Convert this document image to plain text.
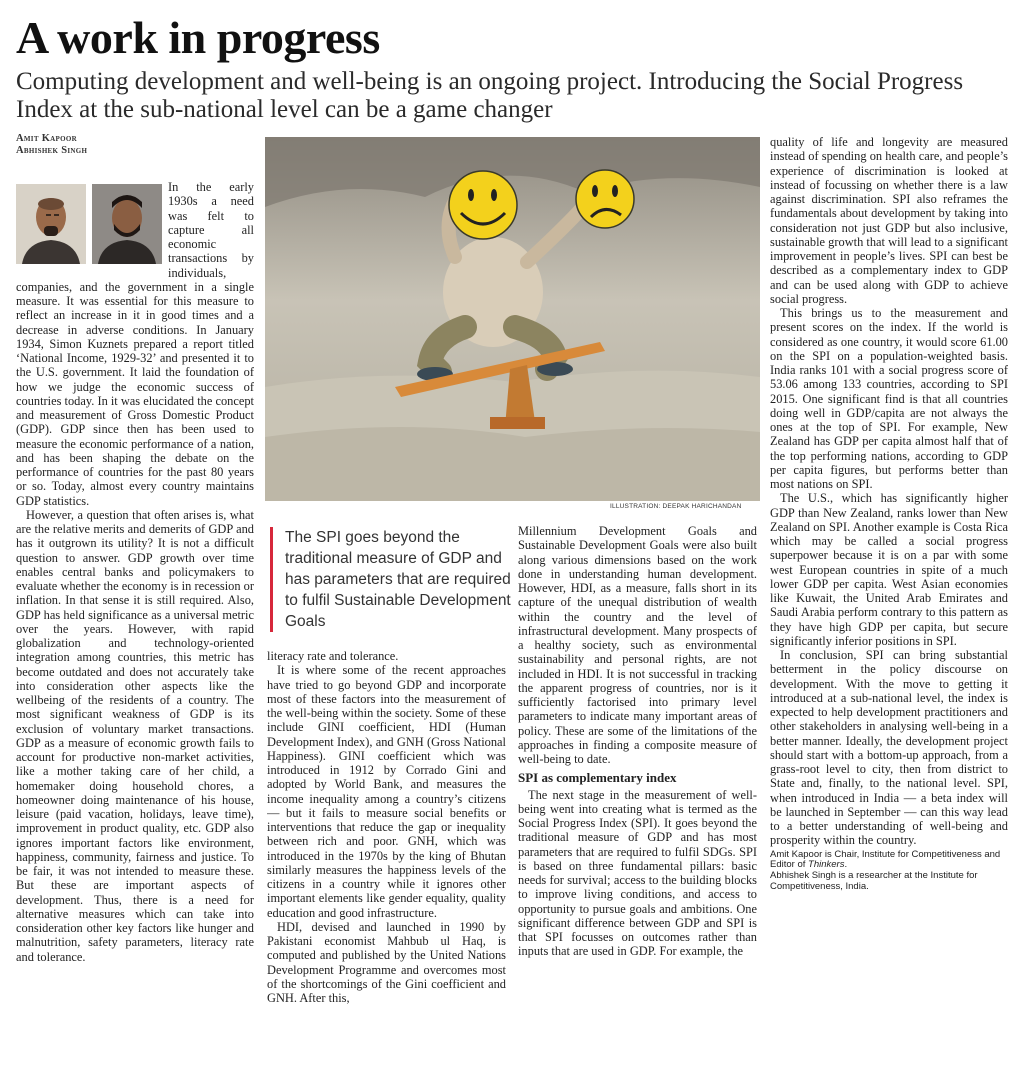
A work in progress

Computing development and well-being is an ongoing project. Introducing the Social Progress Index at the sub-national level can be a game changer

Amit Kapoor
Abhishek Singh

In the early 1930s a need was felt to capture all economic transactions by individuals, companies, and the government in a single measure. It was essential for this measure to reflect an increase in it in good times and a decrease in adverse conditions. In January 1934, Simon Kuznets prepared a report titled ‘National Income, 1929-32’ and presented it to the U.S. government. It laid the foundation of how we judge the economic success of countries today. In it was elucidated the concept and measurement of Gross Domestic Product (GDP). GDP since then has been used to measure the economic performance of a nation, and has been shaping the debate on the performance of countries for the past 80 years or so. Today, almost every country maintains GDP statistics.

However, a question that often arises is, what are the relative merits and demerits of GDP and has it outgrown its utility? It is not a difficult question to answer. GDP growth over time enables central banks and policymakers to evaluate whether the economy is in recession or inflation. In that sense it is still required. Also, GDP has held significance as a universal metric over the years. However, with rapid globalization and technology-oriented integration among countries, this metric has become outdated and does not accurately take into consideration other aspects like the wellbeing of the residents of a country. The most significant weakness of GDP is its exclusion of voluntary market transactions. GDP as a measure of economic growth fails to account for productive non-market activities, like a mother taking care of her child, a homemaker doing household chores, a homeowner doing maintenance of his house, leisure (paid vacation, holidays, leave time), improvement in product quality, etc. GDP also ignores important factors like environment, happiness, community, fairness and justice. To be fair, it was not intended to measure these. But these are important aspects of development. Thus, there is a need for alternative measures which can take into consideration other key factors like hunger and malnutrition, safety parameters, literacy rate and tolerance.

ILLUSTRATION: DEEPAK HARICHANDAN
The SPI goes beyond the traditional measure of GDP and has parameters that are required to fulfil Sustainable Development Goals

literacy rate and tolerance.

It is where some of the recent approaches have tried to go beyond GDP and incorporate most of these factors into the measurement of the well-being within the society. Some of these include GINI coefficient, HDI (Human Development Index), and GNH (Gross National Happiness). GINI coefficient which was introduced in 1912 by Corrado Gini and adopted by World Bank, and measures the income inequality among a country’s citizens — but it fails to measure social benefits or interventions that reduce the gap or inequality between rich and poor. GNH, which was introduced in the 1970s by the king of Bhutan similarly measures the happiness levels of the citizens in a country while it ignores other important elements like gender equality, quality education and good infrastructure.

HDI, devised and launched in 1990 by Pakistani economist Mahbub ul Haq, is computed and published by the United Nations Development Programme and overcomes most of the shortcomings of the Gini coefficient and GNH. After this,

Millennium Development Goals and Sustainable Development Goals were also built along various dimensions based on the work done in understanding human development. However, HDI, as a measure, falls short in its capture of the unequal distribution of wealth within the country and the level of infrastructural development. Many prospects of a healthy society, such as environmental sustainability and personal rights, are not included in HDI. It is not successful in tracking the apparent progress of countries, nor is it sufficiently factorised into primary level parameters to indicate many important areas of policy. These are some of the limitations of the approaches in finding a composite measure of well-being to date.

SPI as complementary index

The next stage in the measurement of well-being went into creating what is termed as the Social Progress Index (SPI). It goes beyond the traditional measure of GDP and has most parameters that are required to fulfil SDGs. SPI is based on three fundamental pillars: basic needs for survival; access to the building blocks to improve living conditions, and access to opportunity to pursue goals and ambitions. One significant difference between GDP and SPI is that SPI focusses on outcomes rather than inputs that are used in GDP. For example, the

quality of life and longevity are measured instead of spending on health care, and people’s experience of discrimination is looked at instead of focussing on whether there is a law against discrimination. SPI also reframes the fundamentals about development by taking into consideration not just GDP but also inclusive, sustainable growth that will lead to a significant improvement in people’s lives. SPI can best be described as a complementary index to GDP and can be used along with GDP to achieve social progress.

This brings us to the measurement and present scores on the index. If the world is considered as one country, it would score 61.00 on the SPI on a population-weighted basis. India ranks 101 with a social progress score of 53.06 among 133 countries, according to SPI 2015. One significant find is that all countries doing well in GDP/capita are not always the ones at the top of SPI. For example, New Zealand has GDP per capita almost half that of the top performing nations, according to GDP per capita figures, but performs better than most nations on SPI.

The U.S., which has significantly higher GDP than New Zealand, ranks lower than New Zealand on SPI. Another example is Costa Rica which may be called a social progress superpower because it is on a par with some west European countries in spite of a much lower GDP per capita. West Asian economies like Kuwait, the United Arab Emirates and Saudi Arabia perform contrary to this pattern as they have high GDP per capita, but secure significantly inferior positions in SPI.

In conclusion, SPI can bring substantial betterment in the policy discourse on development. With the move to getting it introduced at a sub-national level, the index is expected to help development practitioners and other stakeholders in analysing well-being in a better manner. Ideally, the development project should start with a bottom-up approach, from a grass-root level to city, then from district to State and, finally, to the national level. SPI, when introduced in India — a beta index will be launched in September — can this way lead to a better understanding of well-being and prosperity within the country.

Amit Kapoor is Chair, Institute for Competitiveness and Editor of Thinkers.
Abhishek Singh is a researcher at the Institute for Competitiveness, India.
